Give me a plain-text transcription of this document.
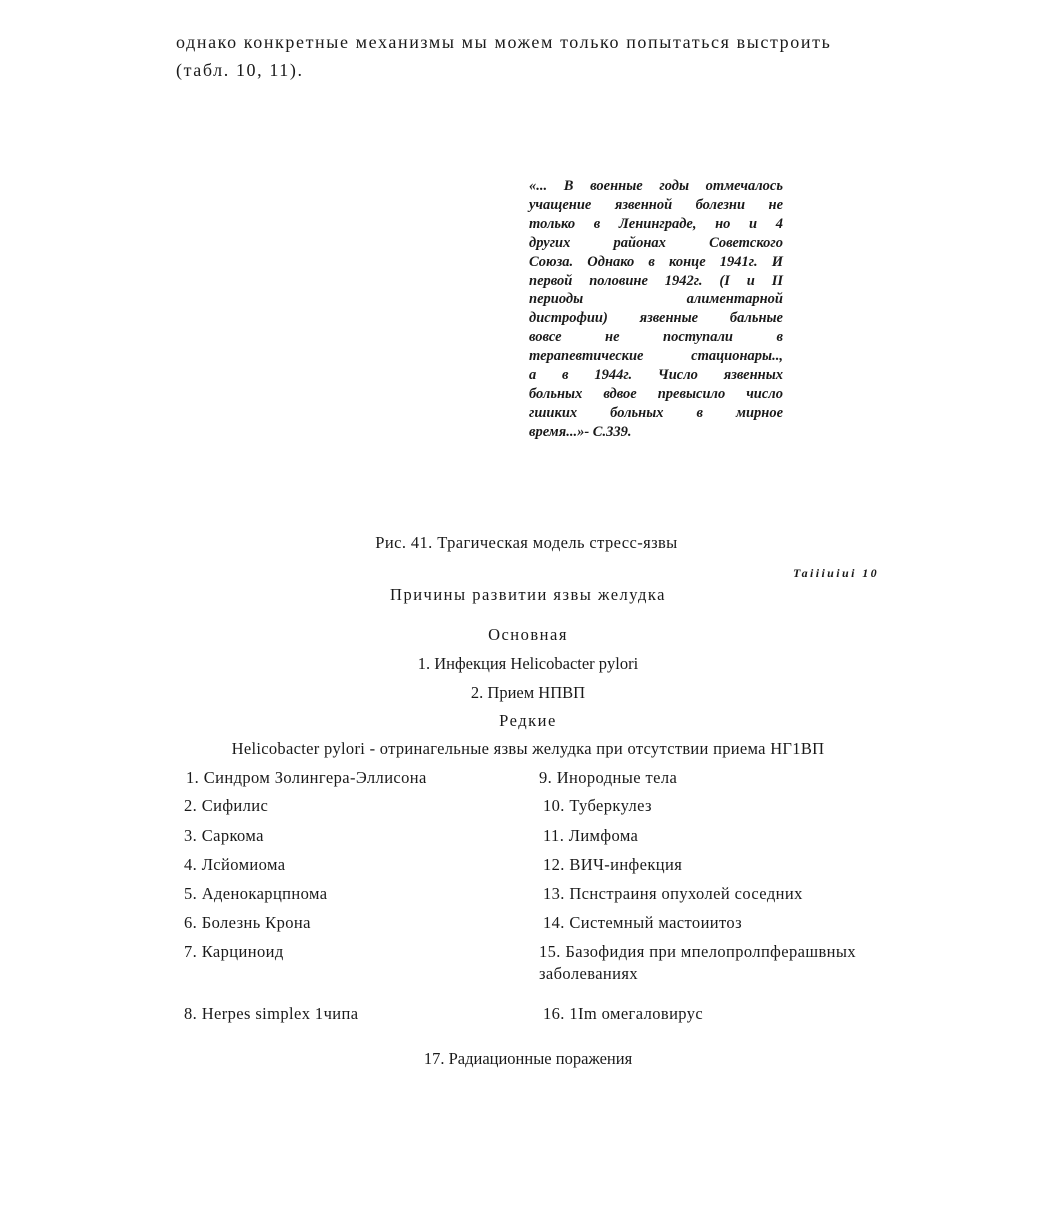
однако конкретные механизмы мы можем только попытаться выстроить
(табл. 10, 11).
«... В военные годы отмечалось
учащение язвенной болезни не
только в Ленинграде, но и 4
других районах Советского
Союза. Однако в конце 1941г. И
первой половине 1942г. (I и II
периоды алиментарной
дистрофии) язвенные бальные
вовсе не поступали в
терапевтические стационары..,
а в 1944г. Число язвенных
больных вдвое превысило число
гшиких больных в мирное
время...»- С.339.
Рис. 41. Трагическая модель стресс-язвы
Taiiiuiui 10
Причины развитии язвы желудка
Основная
1. Инфекция Helicobacter pylori
2. Прием НПВП
Редкие
Helicobacter pylori - отринагельные язвы желудка при отсутствии приема НГ1ВП
1. Синдром Золингера-Эллисона
2. Сифилис
3. Саркома
4. Лсйомиома
5. Аденокарцпнома
6. Болезнь Крона
7. Карциноид
8. Herpes simplex 1чипа
9. Инородные тела
10. Туберкулез
11. Лимфома
12. ВИЧ-инфекция
13. Пснстраиня опухолей соседних
14. Системный мастоиитоз
15. Базофидия при мпелопролпферашвных заболеваниях
16. 1Im омегаловирус
17. Радиационные поражения
